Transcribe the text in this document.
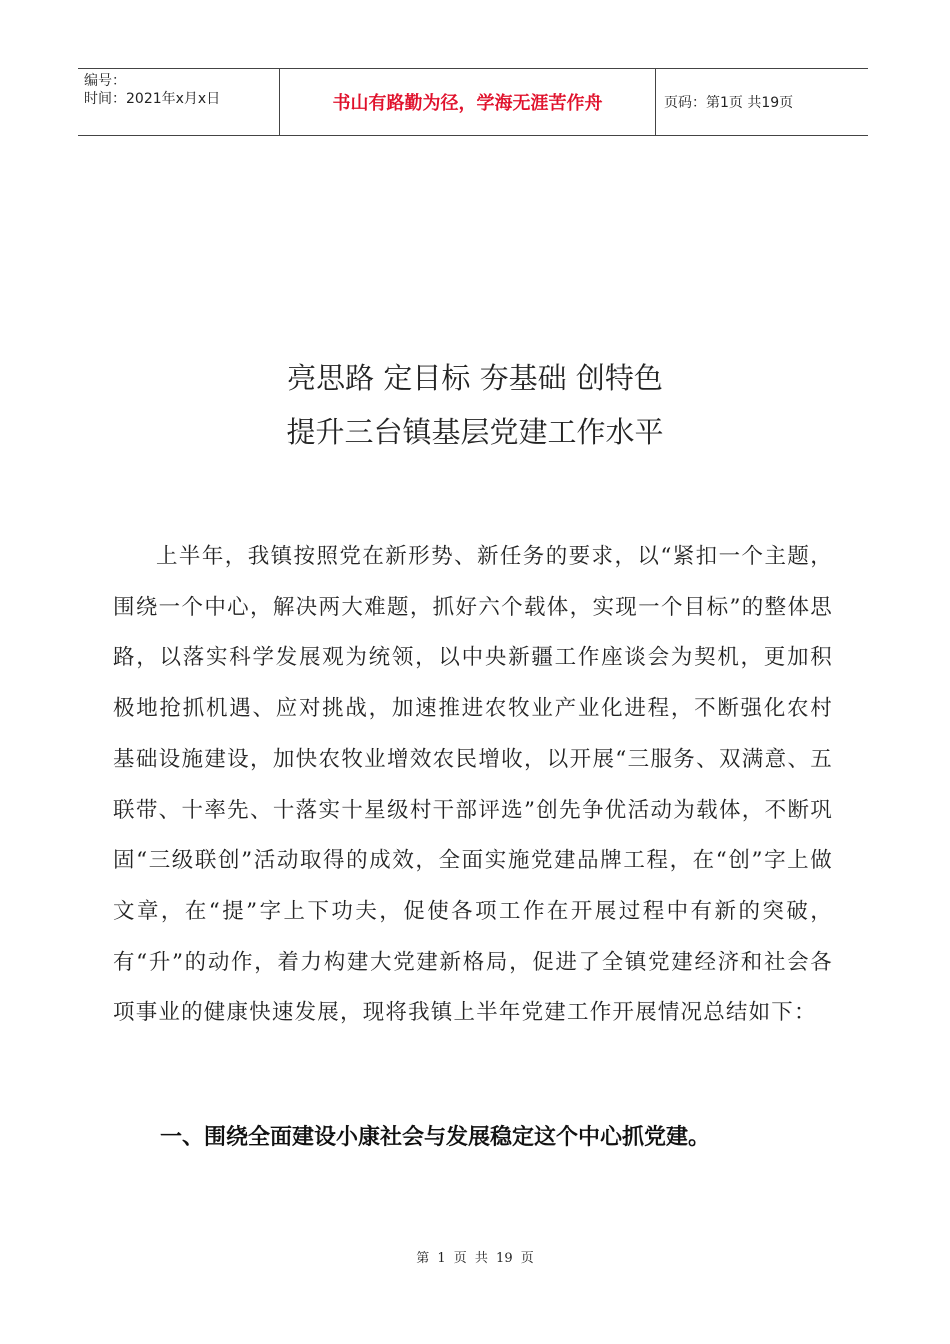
编号：
时间：2021年x月x日	书山有路勤为径，学海无涯苦作舟	页码：第1页 共19页
亮思路 定目标 夯基础 创特色
提升三台镇基层党建工作水平

上半年，我镇按照党在新形势、新任务的要求，以“紧扣一个主题，围绕一个中心，解决两大难题，抓好六个载体，实现一个目标”的整体思路，以落实科学发展观为统领，以中央新疆工作座谈会为契机，更加积极地抢抓机遇、应对挑战，加速推进农牧业产业化进程，不断强化农村基础设施建设，加快农牧业增效农民增收，以开展“三服务、双满意、五联带、十率先、十落实十星级村干部评选”创先争优活动为载体，不断巩固“三级联创”活动取得的成效，全面实施党建品牌工程，在“创”字上做文章，在“提”字上下功夫，促使各项工作在开展过程中有新的突破，有“升”的动作，着力构建大党建新格局，促进了全镇党建经济和社会各项事业的健康快速发展，现将我镇上半年党建工作开展情况总结如下：

一、围绕全面建设小康社会与发展稳定这个中心抓党建。
第 1 页 共 19 页
